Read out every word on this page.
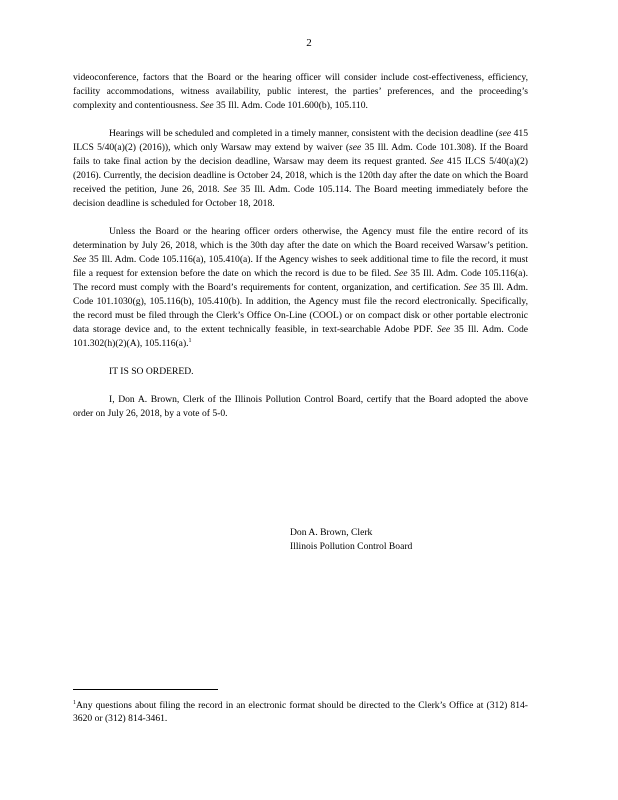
2

videoconference, factors that the Board or the hearing officer will consider include cost-effectiveness, efficiency, facility accommodations, witness availability, public interest, the parties’ preferences, and the proceeding’s complexity and contentiousness. See 35 Ill. Adm. Code 101.600(b), 105.110.

Hearings will be scheduled and completed in a timely manner, consistent with the decision deadline (see 415 ILCS 5/40(a)(2) (2016)), which only Warsaw may extend by waiver (see 35 Ill. Adm. Code 101.308). If the Board fails to take final action by the decision deadline, Warsaw may deem its request granted. See 415 ILCS 5/40(a)(2) (2016). Currently, the decision deadline is October 24, 2018, which is the 120th day after the date on which the Board received the petition, June 26, 2018. See 35 Ill. Adm. Code 105.114. The Board meeting immediately before the decision deadline is scheduled for October 18, 2018.

Unless the Board or the hearing officer orders otherwise, the Agency must file the entire record of its determination by July 26, 2018, which is the 30th day after the date on which the Board received Warsaw’s petition. See 35 Ill. Adm. Code 105.116(a), 105.410(a). If the Agency wishes to seek additional time to file the record, it must file a request for extension before the date on which the record is due to be filed. See 35 Ill. Adm. Code 105.116(a). The record must comply with the Board’s requirements for content, organization, and certification. See 35 Ill. Adm. Code 101.1030(g), 105.116(b), 105.410(b). In addition, the Agency must file the record electronically. Specifically, the record must be filed through the Clerk’s Office On-Line (COOL) or on compact disk or other portable electronic data storage device and, to the extent technically feasible, in text-searchable Adobe PDF. See 35 Ill. Adm. Code 101.302(h)(2)(A), 105.116(a).$^1$

IT IS SO ORDERED.

I, Don A. Brown, Clerk of the Illinois Pollution Control Board, certify that the Board adopted the above order on July 26, 2018, by a vote of 5-0.

Don A. Brown, Clerk
Illinois Pollution Control Board
$^1$Any questions about filing the record in an electronic format should be directed to the Clerk’s Office at (312) 814-3620 or (312) 814-3461.
